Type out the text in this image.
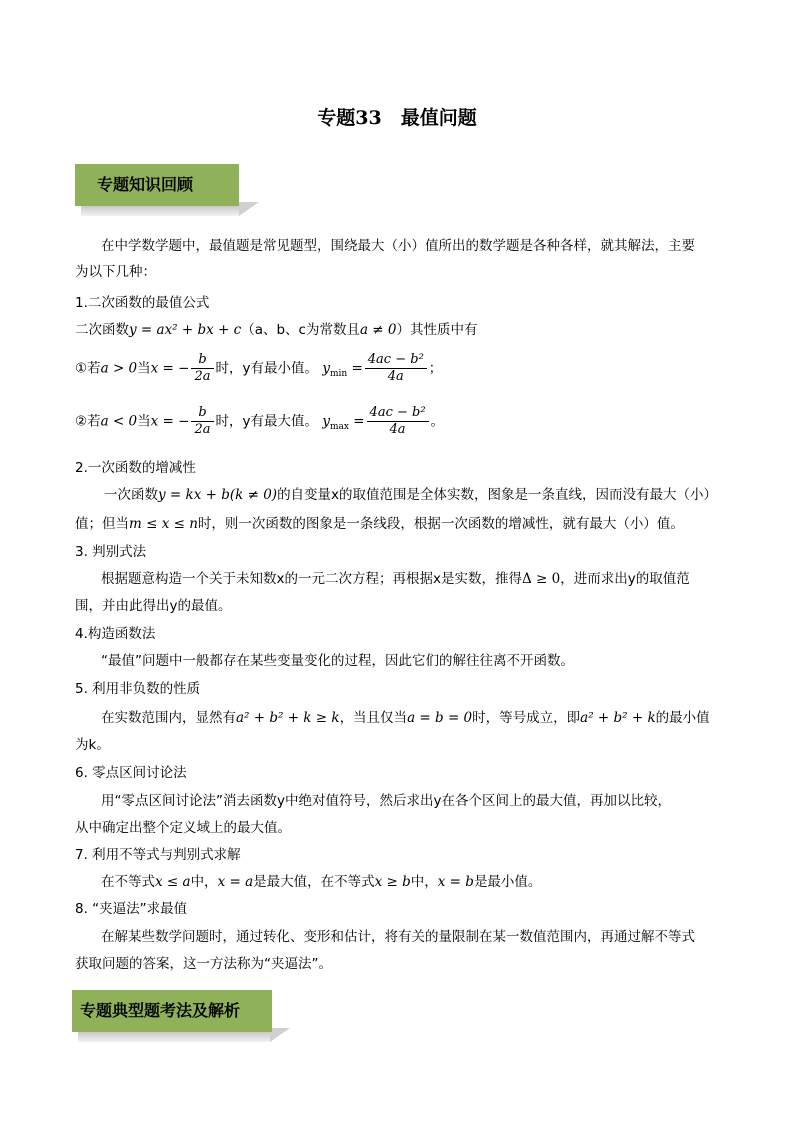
专题33　最值问题
专题知识回顾
在中学数学题中，最值题是常见题型，围绕最大（小）值所出的数学题是各种各样，就其解法，主要
为以下几种：
1.二次函数的最值公式
二次函数y = ax² + bx + c（a、b、c为常数且a ≠ 0）其性质中有
①若a > 0当x = − $\frac{b}{2a}$ 时，y有最小值。 $y_{min} = \frac{\text{4ac − b²}}{4a}$ ；
②若a < 0当x = − $\frac{b}{2a}$ 时，y有最大值。 $y_{max} = \frac{\text{4ac − b²}}{4a}$ 。
2.一次函数的增减性
一次函数y = kx + b(k ≠ 0)的自变量x的取值范围是全体实数，图象是一条直线，因而没有最大（小）
值；但当m ≤ x ≤ n时，则一次函数的图象是一条线段，根据一次函数的增减性，就有最大（小）值。
3. 判别式法
根据题意构造一个关于未知数x的一元二次方程；再根据x是实数，推得Δ ≥ 0，进而求出y的取值范
围，并由此得出y的最值。
4.构造函数法
“最值”问题中一般都存在某些变量变化的过程，因此它们的解往往离不开函数。
5. 利用非负数的性质
在实数范围内，显然有a² + b² + k ≥ k，当且仅当a = b = 0时，等号成立，即a² + b² + k的最小值
为k。
6. 零点区间讨论法
用“零点区间讨论法”消去函数y中绝对值符号，然后求出y在各个区间上的最大值，再加以比较，
从中确定出整个定义域上的最大值。
7. 利用不等式与判别式求解
在不等式x ≤ a中，x = a是最大值，在不等式x ≥ b中，x = b是最小值。
8. “夹逼法”求最值
在解某些数学问题时，通过转化、变形和估计，将有关的量限制在某一数值范围内，再通过解不等式
获取问题的答案，这一方法称为“夹逼法”。
专题典型题考法及解析
